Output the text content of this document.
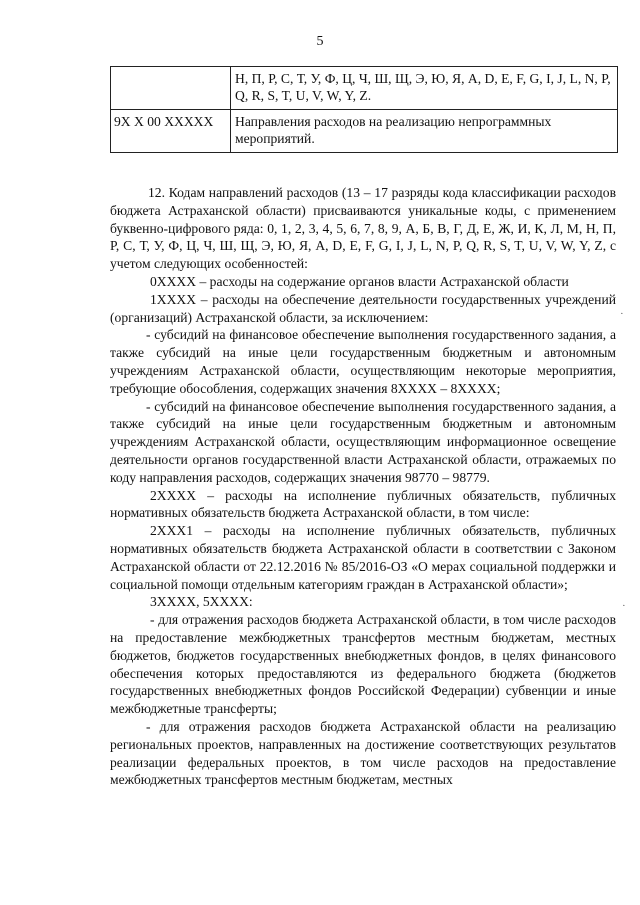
5
	Н, П, Р, С, Т, У, Ф, Ц, Ч, Ш, Щ, Э, Ю, Я, A, D, E, F, G, I, J, L, N, P, Q, R, S, T, U, V, W, Y, Z.
9Х Х 00 ХХХХХ	Направления расходов на реализацию непрограммных мероприятий.

12. Кодам направлений расходов (13 – 17 разряды кода классификации расходов бюджета Астраханской области) присваиваются уникальные коды, с применением буквенно-цифрового ряда: 0, 1, 2, 3, 4, 5, 6, 7, 8, 9, А, Б, В, Г, Д, Е, Ж, И, К, Л, М, Н, П, Р, С, Т, У, Ф, Ц, Ч, Ш, Щ, Э, Ю, Я, A, D, E, F, G, I, J, L, N, P, Q, R, S, T, U, V, W, Y, Z, с учетом следующих особенностей:

0ХХХХ – расходы на содержание органов власти Астраханской области

1ХХХХ – расходы на обеспечение деятельности государственных учреждений (организаций) Астраханской области, за исключением:

- субсидий на финансовое обеспечение выполнения государственного задания, а также субсидий на иные цели государственным бюджетным и автономным учреждениям Астраханской области, осуществляющим некоторые мероприятия, требующие обособления, содержащих значения 8ХХХХ – 8ХХХХ;

- субсидий на финансовое обеспечение выполнения государственного задания, а также субсидий на иные цели государственным бюджетным и автономным учреждениям Астраханской области, осуществляющим информационное освещение деятельности органов государственной власти Астраханской области, отражаемых по коду направления расходов, содержащих значения 98770 – 98779.

2ХХХХ – расходы на исполнение публичных обязательств, публичных нормативных обязательств бюджета Астраханской области, в том числе:

2ХХХ1 – расходы на исполнение публичных обязательств, публичных нормативных обязательств бюджета Астраханской области в соответствии с Законом Астраханской области от 22.12.2016 № 85/2016-ОЗ «О мерах социальной поддержки и социальной помощи отдельным категориям граждан в Астраханской области»;

3ХХХХ, 5ХХХХ:

- для отражения расходов бюджета Астраханской области, в том числе расходов на предоставление межбюджетных трансфертов местным бюджетам, местных бюджетов, бюджетов государственных внебюджетных фондов, в целях финансового обеспечения которых предоставляются из федерального бюджета (бюджетов государственных внебюджетных фондов Российской Федерации) субвенции и иные межбюджетные трансферты;

- для отражения расходов бюджета Астраханской области на реализацию региональных проектов, направленных на достижение соответствующих результатов реализации федеральных проектов, в том числе расходов на предоставление межбюджетных трансфертов местным бюджетам, местных

·
·
